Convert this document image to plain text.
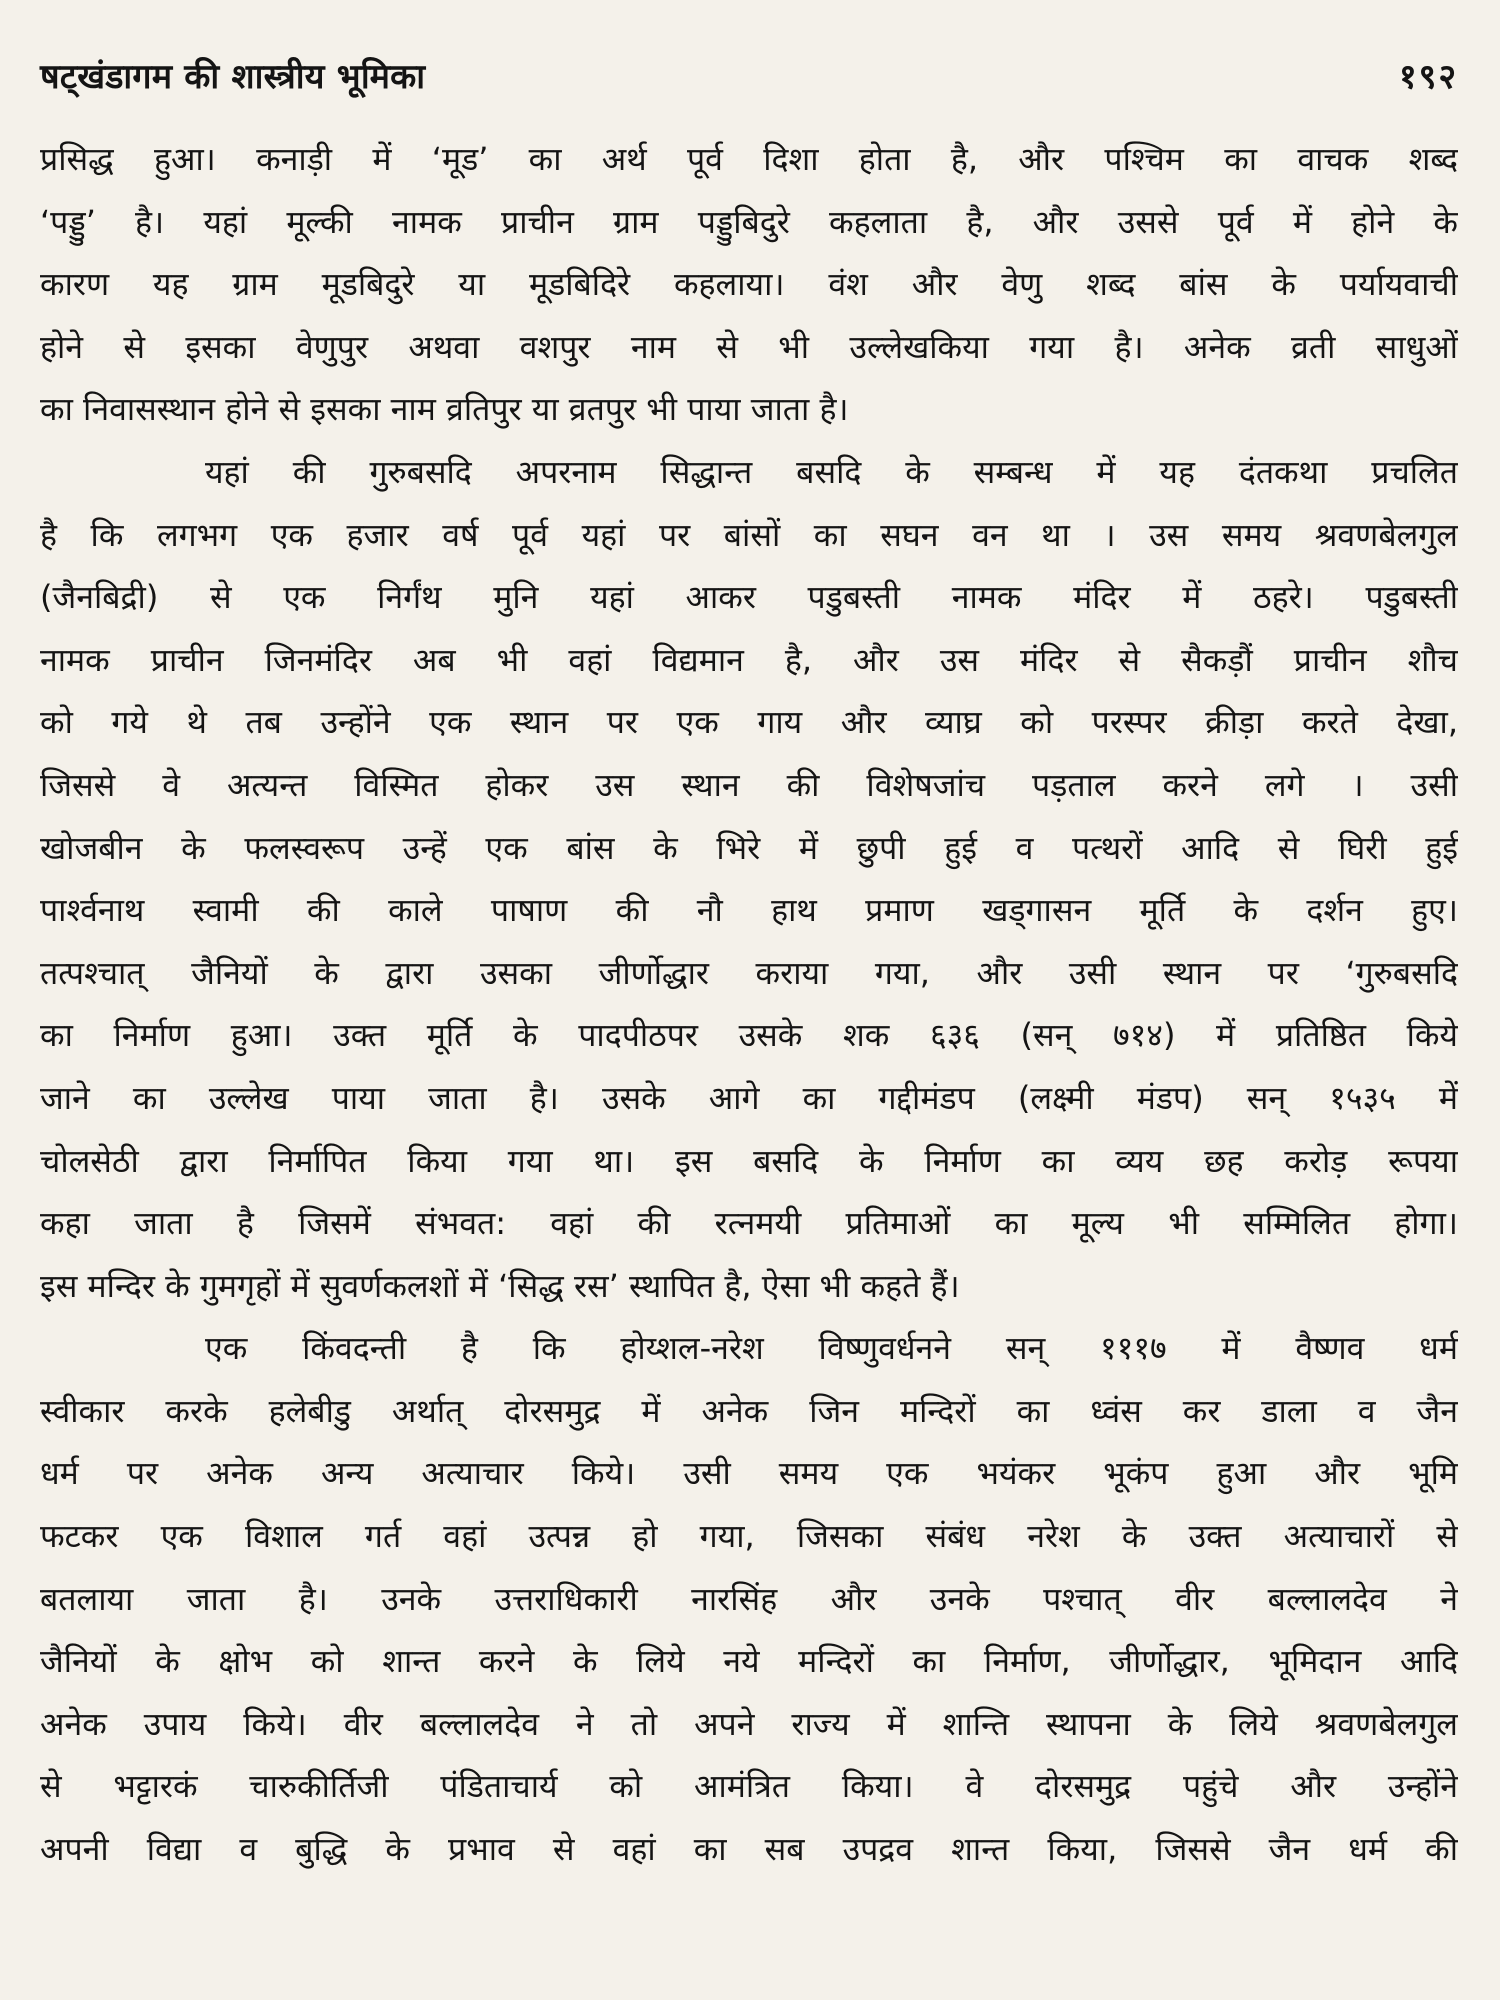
षट्खंडागम की शास्त्रीय भूमिका	१९२
प्रसिद्ध हुआ। कनाड़ी में ‘मूड’ का अर्थ पूर्व दिशा होता है, और पश्चिम का वाचक शब्द
‘पड्डु’ है। यहां मूल्की नामक प्राचीन ग्राम पड्डुबिदुरे कहलाता है, और उससे पूर्व में होने के
कारण यह ग्राम मूडबिदुरे या मूडबिदिरे कहलाया। वंश और वेणु शब्द बांस के पर्यायवाची
होने से इसका वेणुपुर अथवा वशपुर नाम से भी उल्लेखकिया गया है। अनेक व्रती साधुओं
का निवासस्थान होने से इसका नाम व्रतिपुर या व्रतपुर भी पाया जाता है।
यहां की गुरुबसदि अपरनाम सिद्धान्त बसदि के सम्बन्ध में यह दंतकथा प्रचलित
है कि लगभग एक हजार वर्ष पूर्व यहां पर बांसों का सघन वन था । उस समय श्रवणबेलगुल
(जैनबिद्री) से एक निर्गंथ मुनि यहां आकर पडुबस्ती नामक मंदिर में ठहरे। पडुबस्ती
नामक प्राचीन जिनमंदिर अब भी वहां विद्यमान है, और उस मंदिर से सैकड़ौं प्राचीन शौच
को गये थे तब उन्होंने एक स्थान पर एक गाय और व्याघ्र को परस्पर क्रीड़ा करते देखा,
जिससे वे अत्यन्त विस्मित होकर उस स्थान की विशेषजांच पड़ताल करने लगे । उसी
खोजबीन के फलस्वरूप उन्हें एक बांस के भिरे में छुपी हुई व पत्थरों आदि से घिरी हुई
पार्श्वनाथ स्वामी की काले पाषाण की नौ हाथ प्रमाण खड्गासन मूर्ति के दर्शन हुए।
तत्पश्चात् जैनियों के द्वारा उसका जीर्णोद्धार कराया गया, और उसी स्थान पर ‘गुरुबसदि
का निर्माण हुआ। उक्त मूर्ति के पादपीठपर उसके शक ६३६ (सन् ७१४) में प्रतिष्ठित किये
जाने का उल्लेख पाया जाता है। उसके आगे का गद्दीमंडप (लक्ष्मी मंडप) सन् १५३५ में
चोलसेठी द्वारा निर्मापित किया गया था। इस बसदि के निर्माण का व्यय छह करोड़ रूपया
कहा जाता है जिसमें संभवत: वहां की रत्नमयी प्रतिमाओं का मूल्य भी सम्मिलित होगा।
इस मन्दिर के गुमगृहों में सुवर्णकलशों में ‘सिद्ध रस’ स्थापित है, ऐसा भी कहते हैं।
एक किंवदन्ती है कि होय्शल-नरेश विष्णुवर्धनने सन् १११७ में वैष्णव धर्म
स्वीकार करके हलेबीडु अर्थात् दोरसमुद्र में अनेक जिन मन्दिरों का ध्वंस कर डाला व जैन
धर्म पर अनेक अन्य अत्याचार किये। उसी समय एक भयंकर भूकंप हुआ और भूमि
फटकर एक विशाल गर्त वहां उत्पन्न हो गया, जिसका संबंध नरेश के उक्त अत्याचारों से
बतलाया जाता है। उनके उत्तराधिकारी नारसिंह और उनके पश्चात् वीर बल्लालदेव ने
जैनियों के क्षोभ को शान्त करने के लिये नये मन्दिरों का निर्माण, जीर्णोद्धार, भूमिदान आदि
अनेक उपाय किये। वीर बल्लालदेव ने तो अपने राज्य में शान्ति स्थापना के लिये श्रवणबेलगुल
से भट्टारकं चारुकीर्तिजी पंडिताचार्य को आमंत्रित किया। वे दोरसमुद्र पहुंचे और उन्होंने
अपनी विद्या व बुद्धि के प्रभाव से वहां का सब उपद्रव शान्त किया, जिससे जैन धर्म की
